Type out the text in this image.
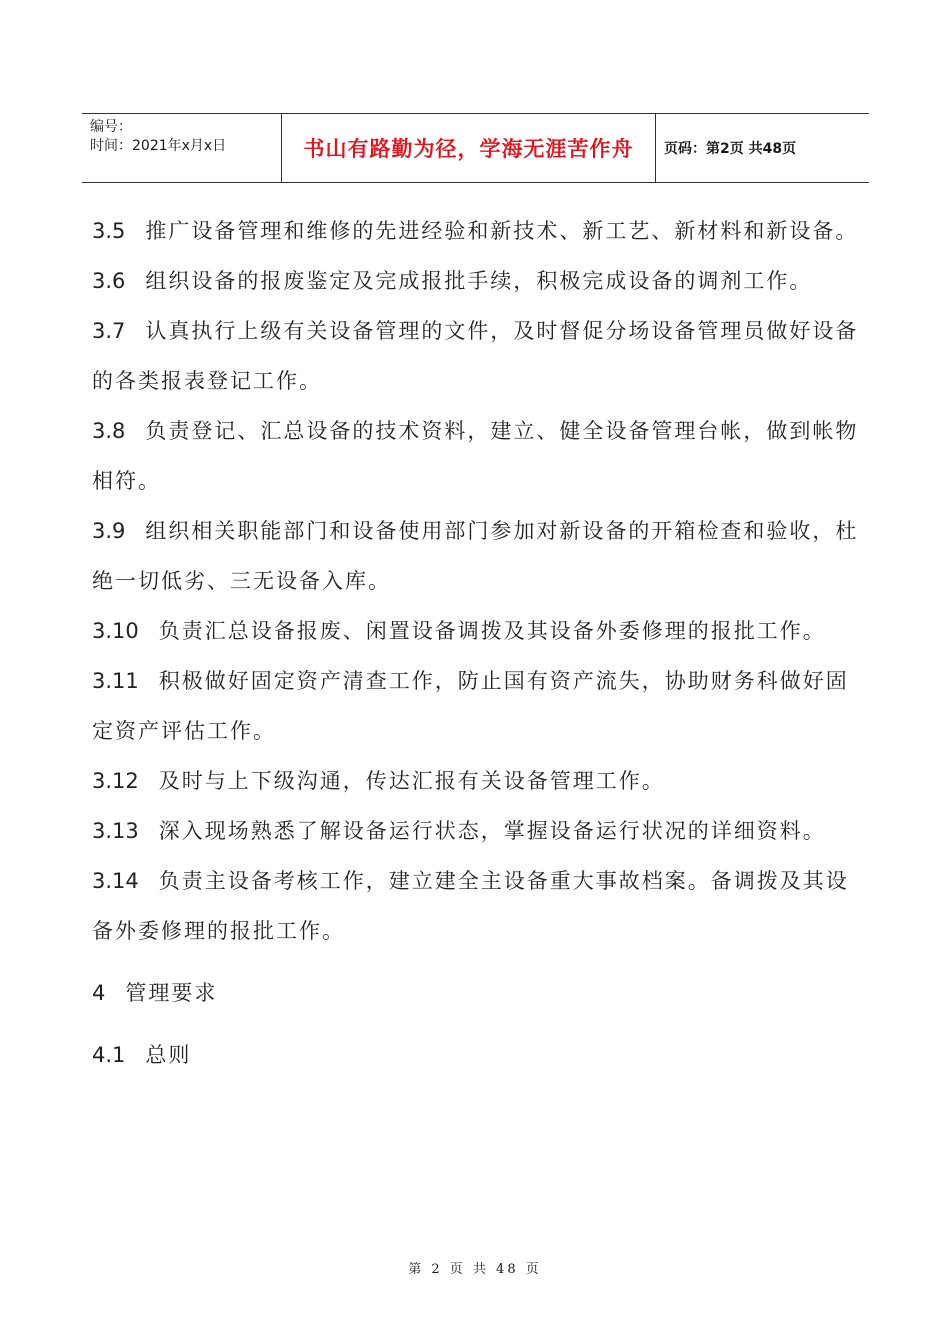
编号：
时间：2021年x月x日	书山有路勤为径，学海无涯苦作舟	页码：第2页 共48页

3.5 推广设备管理和维修的先进经验和新技术、新工艺、新材料和新设备。

3.6 组织设备的报废鉴定及完成报批手续，积极完成设备的调剂工作。

3.7 认真执行上级有关设备管理的文件，及时督促分场设备管理员做好设备的各类报表登记工作。

3.8 负责登记、汇总设备的技术资料，建立、健全设备管理台帐，做到帐物相符。

3.9 组织相关职能部门和设备使用部门参加对新设备的开箱检查和验收，杜绝一切低劣、三无设备入库。

3.10 负责汇总设备报废、闲置设备调拨及其设备外委修理的报批工作。

3.11 积极做好固定资产清查工作，防止国有资产流失，协助财务科做好固定资产评估工作。

3.12 及时与上下级沟通，传达汇报有关设备管理工作。

3.13 深入现场熟悉了解设备运行状态，掌握设备运行状况的详细资料。

3.14 负责主设备考核工作，建立建全主设备重大事故档案。备调拨及其设备外委修理的报批工作。

4 管理要求

4.1 总则

第 2 页 共 48 页
